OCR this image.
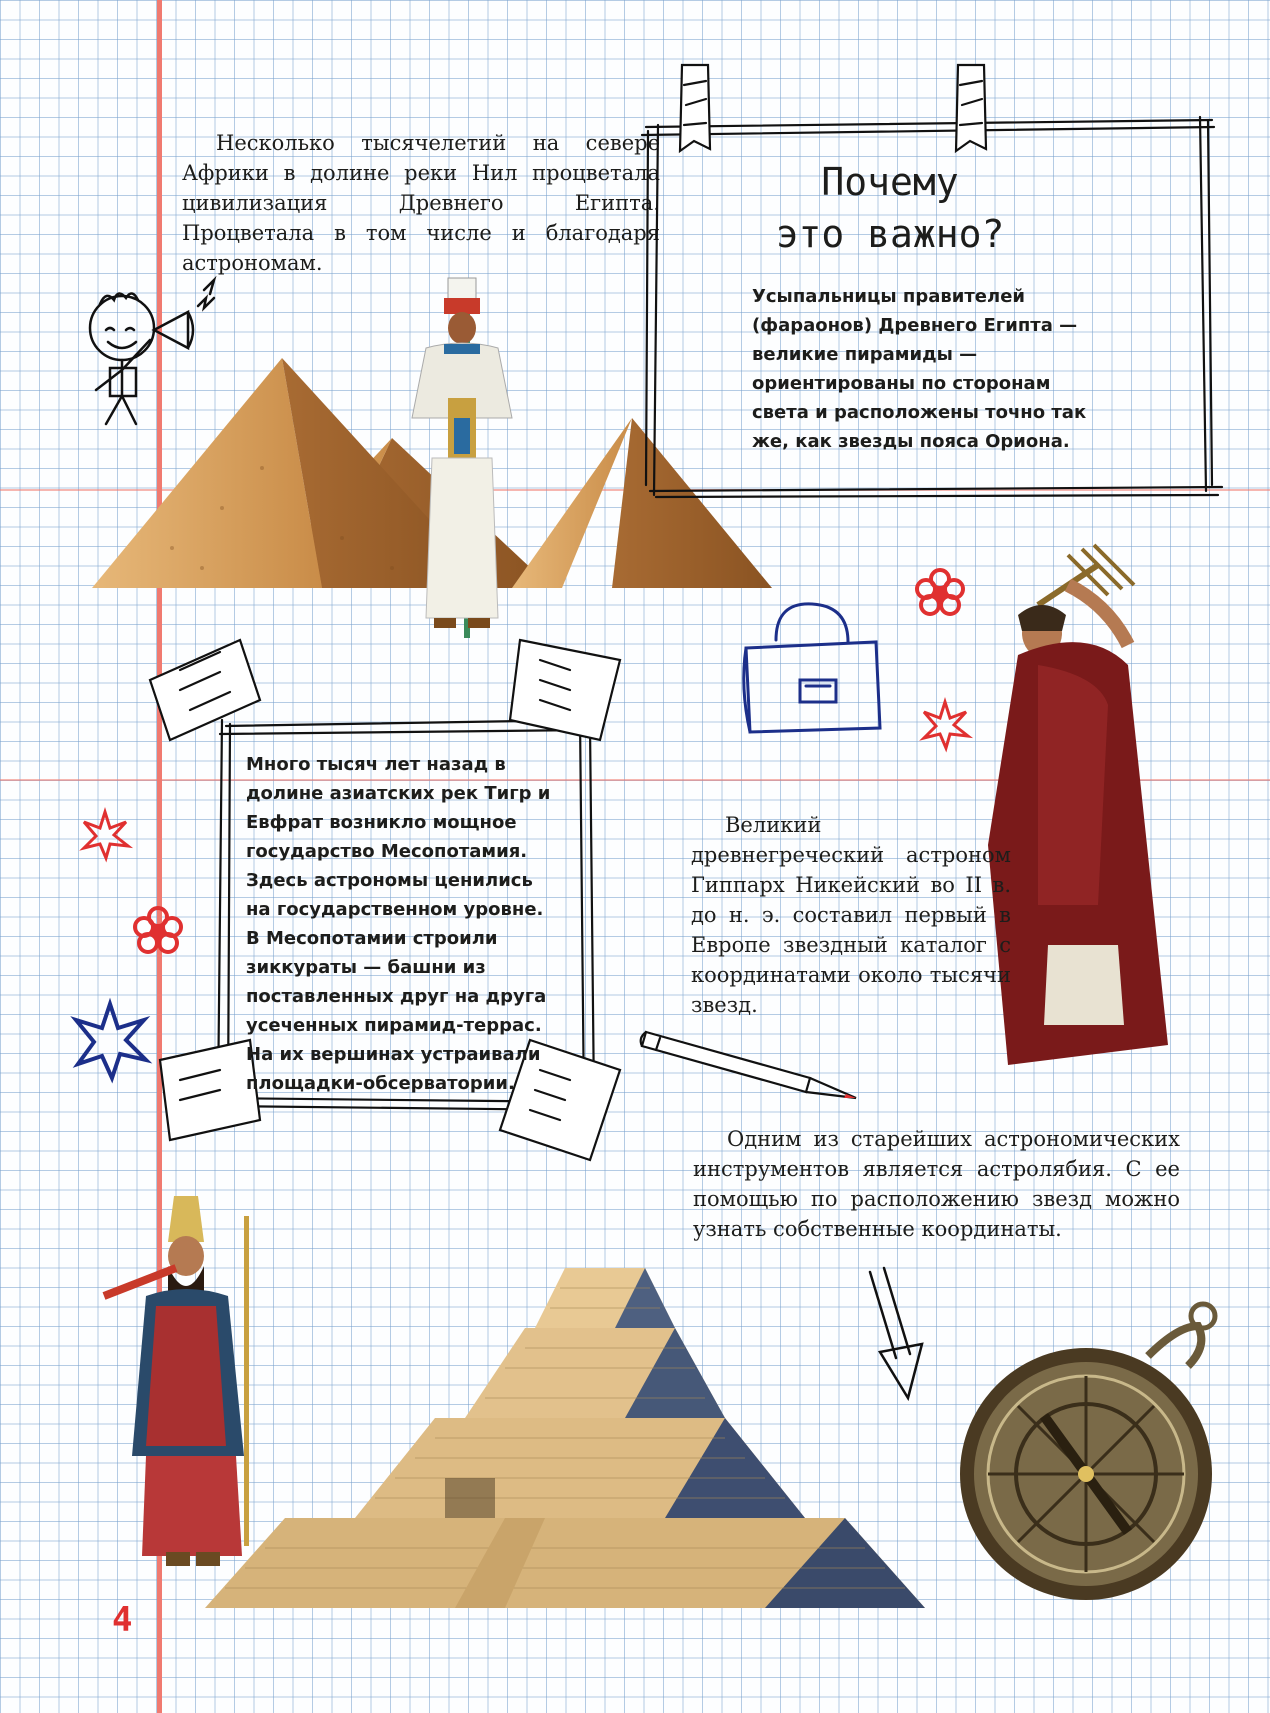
Несколько тысячелетий на севере Африки в долине реки Нил процветала цивилизация Древнего Египта. Процветала в том числе и благодаря астрономам.

Почему
это важно?

Усыпальницы правителей (фараонов) Древнего Египта — великие пирамиды — ориентированы по сторонам света и расположены точно так же, как звезды пояса Ориона.

Много тысяч лет назад в долине азиатских рек Тигр и Евфрат возникло мощное государство Месопотамия. Здесь астрономы ценились на государственном уровне. В Месопотамии строили зиккураты — башни из поставленных друг на друга усеченных пирамид-террас. На их вершинах устраивали площадки-обсерватории.

Великий древнегреческий астроном Гиппарх Никейский во II в. до н. э. составил первый в Европе звездный каталог с координатами около тысячи звезд.

Одним из старейших астрономических инструментов является астролябия. С ее помощью по расположению звезд можно узнать собственные координаты.

4
